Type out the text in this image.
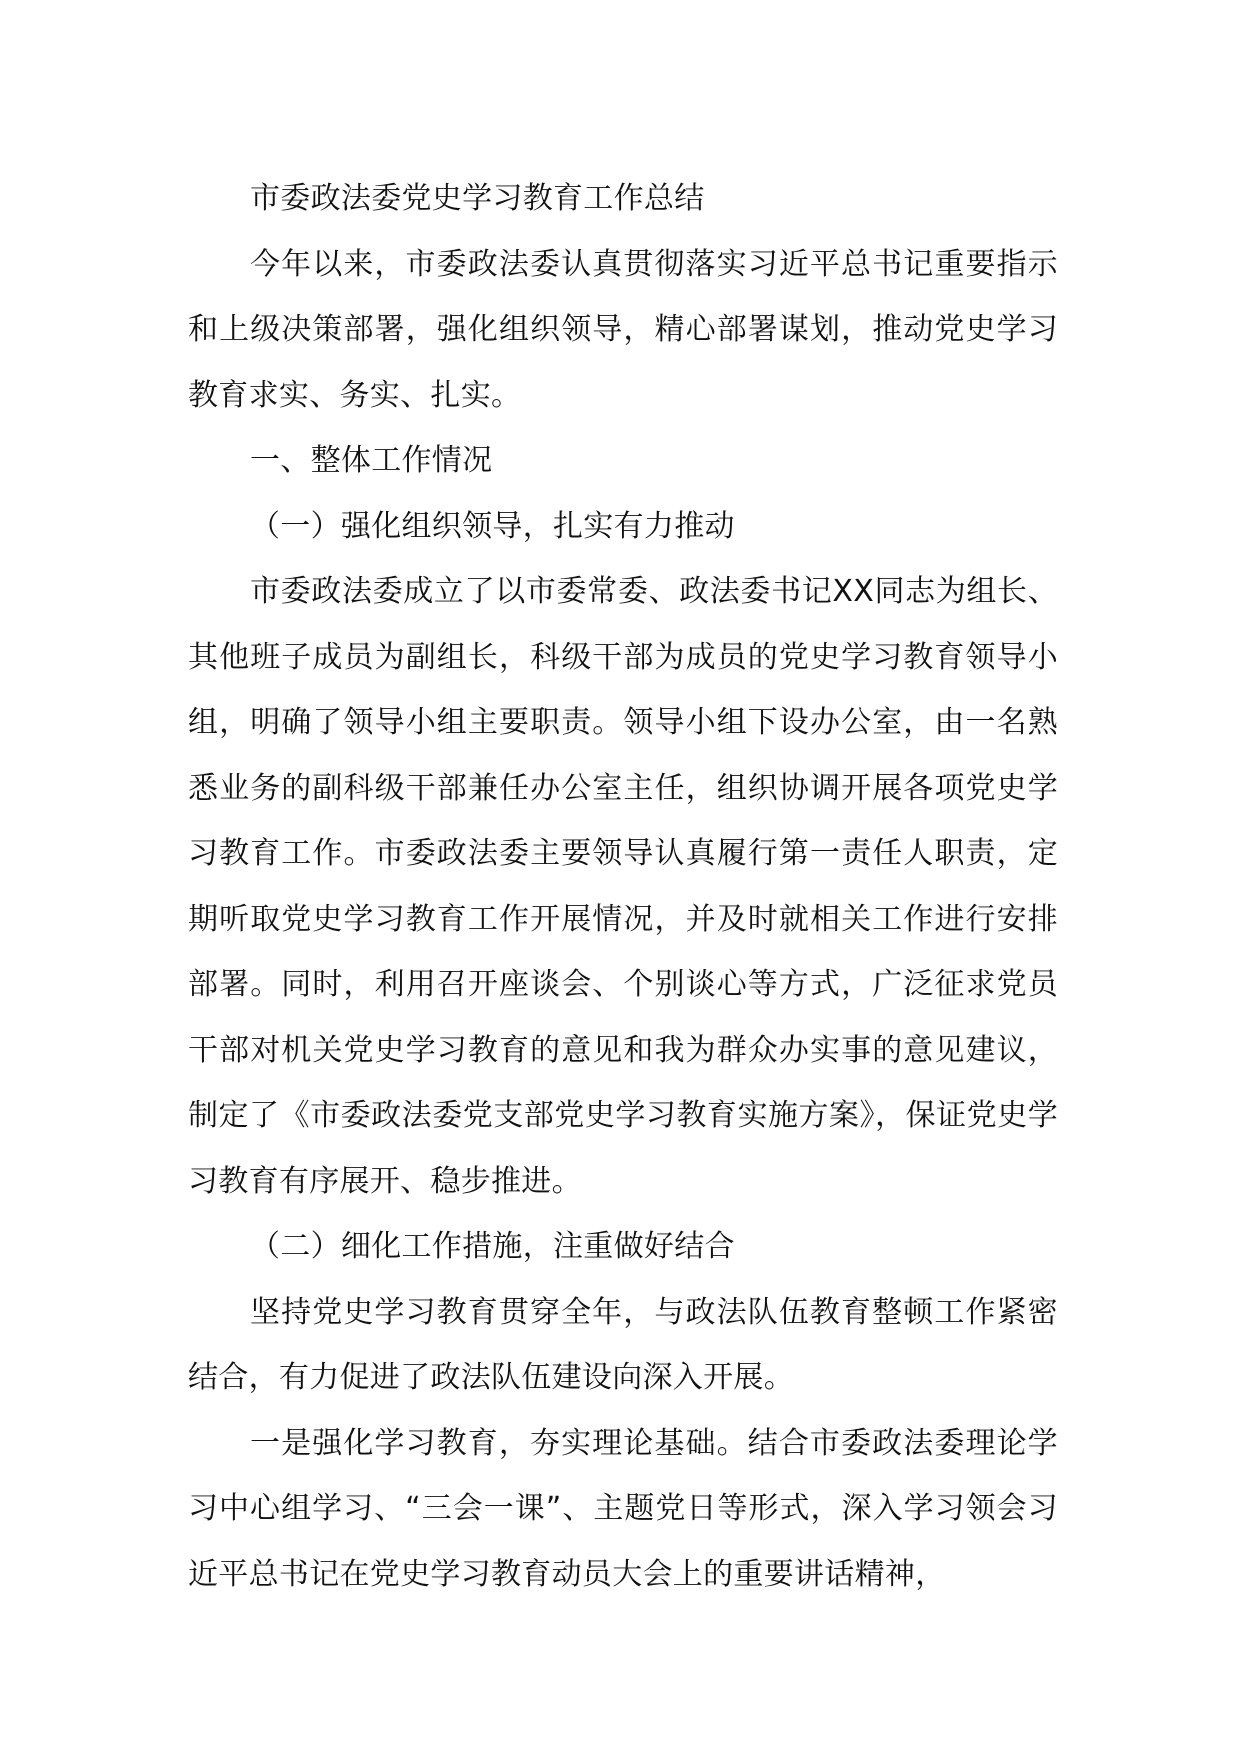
市委政法委党史学习教育工作总结

今年以来，市委政法委认真贯彻落实习近平总书记重要指示和上级决策部署，强化组织领导，精心部署谋划，推动党史学习教育求实、务实、扎实。

一、整体工作情况

（一）强化组织领导，扎实有力推动

市委政法委成立了以市委常委、政法委书记XX同志为组长、其他班子成员为副组长，科级干部为成员的党史学习教育领导小组，明确了领导小组主要职责。领导小组下设办公室，由一名熟悉业务的副科级干部兼任办公室主任，组织协调开展各项党史学习教育工作。市委政法委主要领导认真履行第一责任人职责，定期听取党史学习教育工作开展情况，并及时就相关工作进行安排部署。同时，利用召开座谈会、个别谈心等方式，广泛征求党员干部对机关党史学习教育的意见和我为群众办实事的意见建议，制定了《市委政法委党支部党史学习教育实施方案》，保证党史学习教育有序展开、稳步推进。

（二）细化工作措施，注重做好结合

坚持党史学习教育贯穿全年，与政法队伍教育整顿工作紧密结合，有力促进了政法队伍建设向深入开展。

一是强化学习教育，夯实理论基础。结合市委政法委理论学习中心组学习、“三会一课”、主题党日等形式，深入学习领会习近平总书记在党史学习教育动员大会上的重要讲话精神，
